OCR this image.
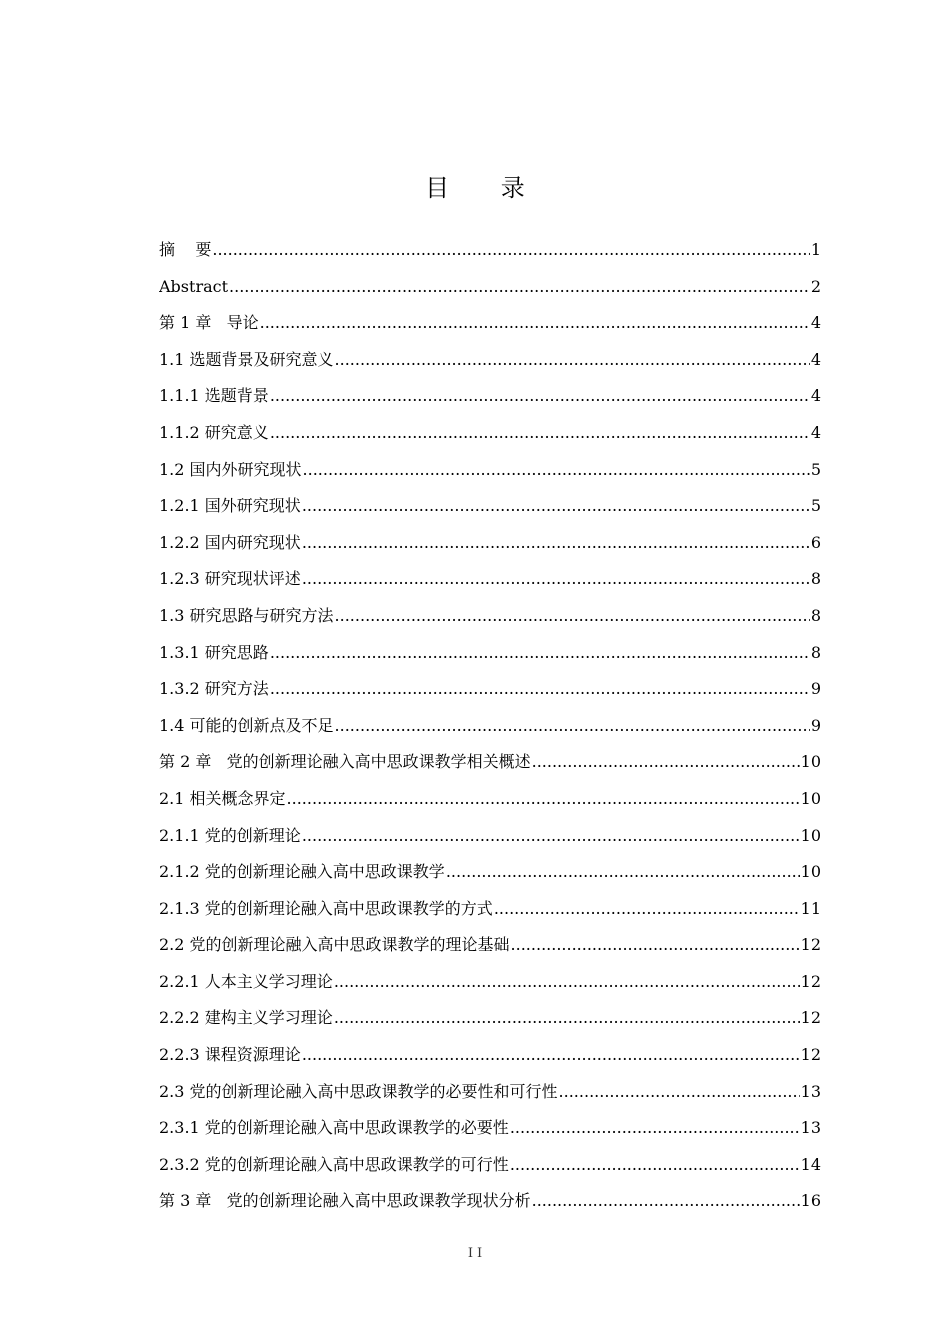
目 录
摘    要 .....	1
Abstract .....	2
第 1 章   导论 .....	4
1.1 选题背景及研究意义 .....	4
1.1.1 选题背景 .....	4
1.1.2 研究意义 .....	4
1.2 国内外研究现状 .....	5
1.2.1 国外研究现状 .....	5
1.2.2 国内研究现状 .....	6
1.2.3 研究现状评述 .....	8
1.3 研究思路与研究方法 .....	8
1.3.1 研究思路 .....	8
1.3.2 研究方法 .....	9
1.4 可能的创新点及不足 .....	9
第 2 章   党的创新理论融入高中思政课教学相关概述 .....	10
2.1 相关概念界定 .....	10
2.1.1 党的创新理论 .....	10
2.1.2 党的创新理论融入高中思政课教学 .....	10
2.1.3 党的创新理论融入高中思政课教学的方式 .....	11
2.2 党的创新理论融入高中思政课教学的理论基础 .....	12
2.2.1 人本主义学习理论 .....	12
2.2.2 建构主义学习理论 .....	12
2.2.3 课程资源理论 .....	12
2.3 党的创新理论融入高中思政课教学的必要性和可行性 .....	13
2.3.1 党的创新理论融入高中思政课教学的必要性 .....	13
2.3.2 党的创新理论融入高中思政课教学的可行性 .....	14
第 3 章   党的创新理论融入高中思政课教学现状分析 .....	16
II
